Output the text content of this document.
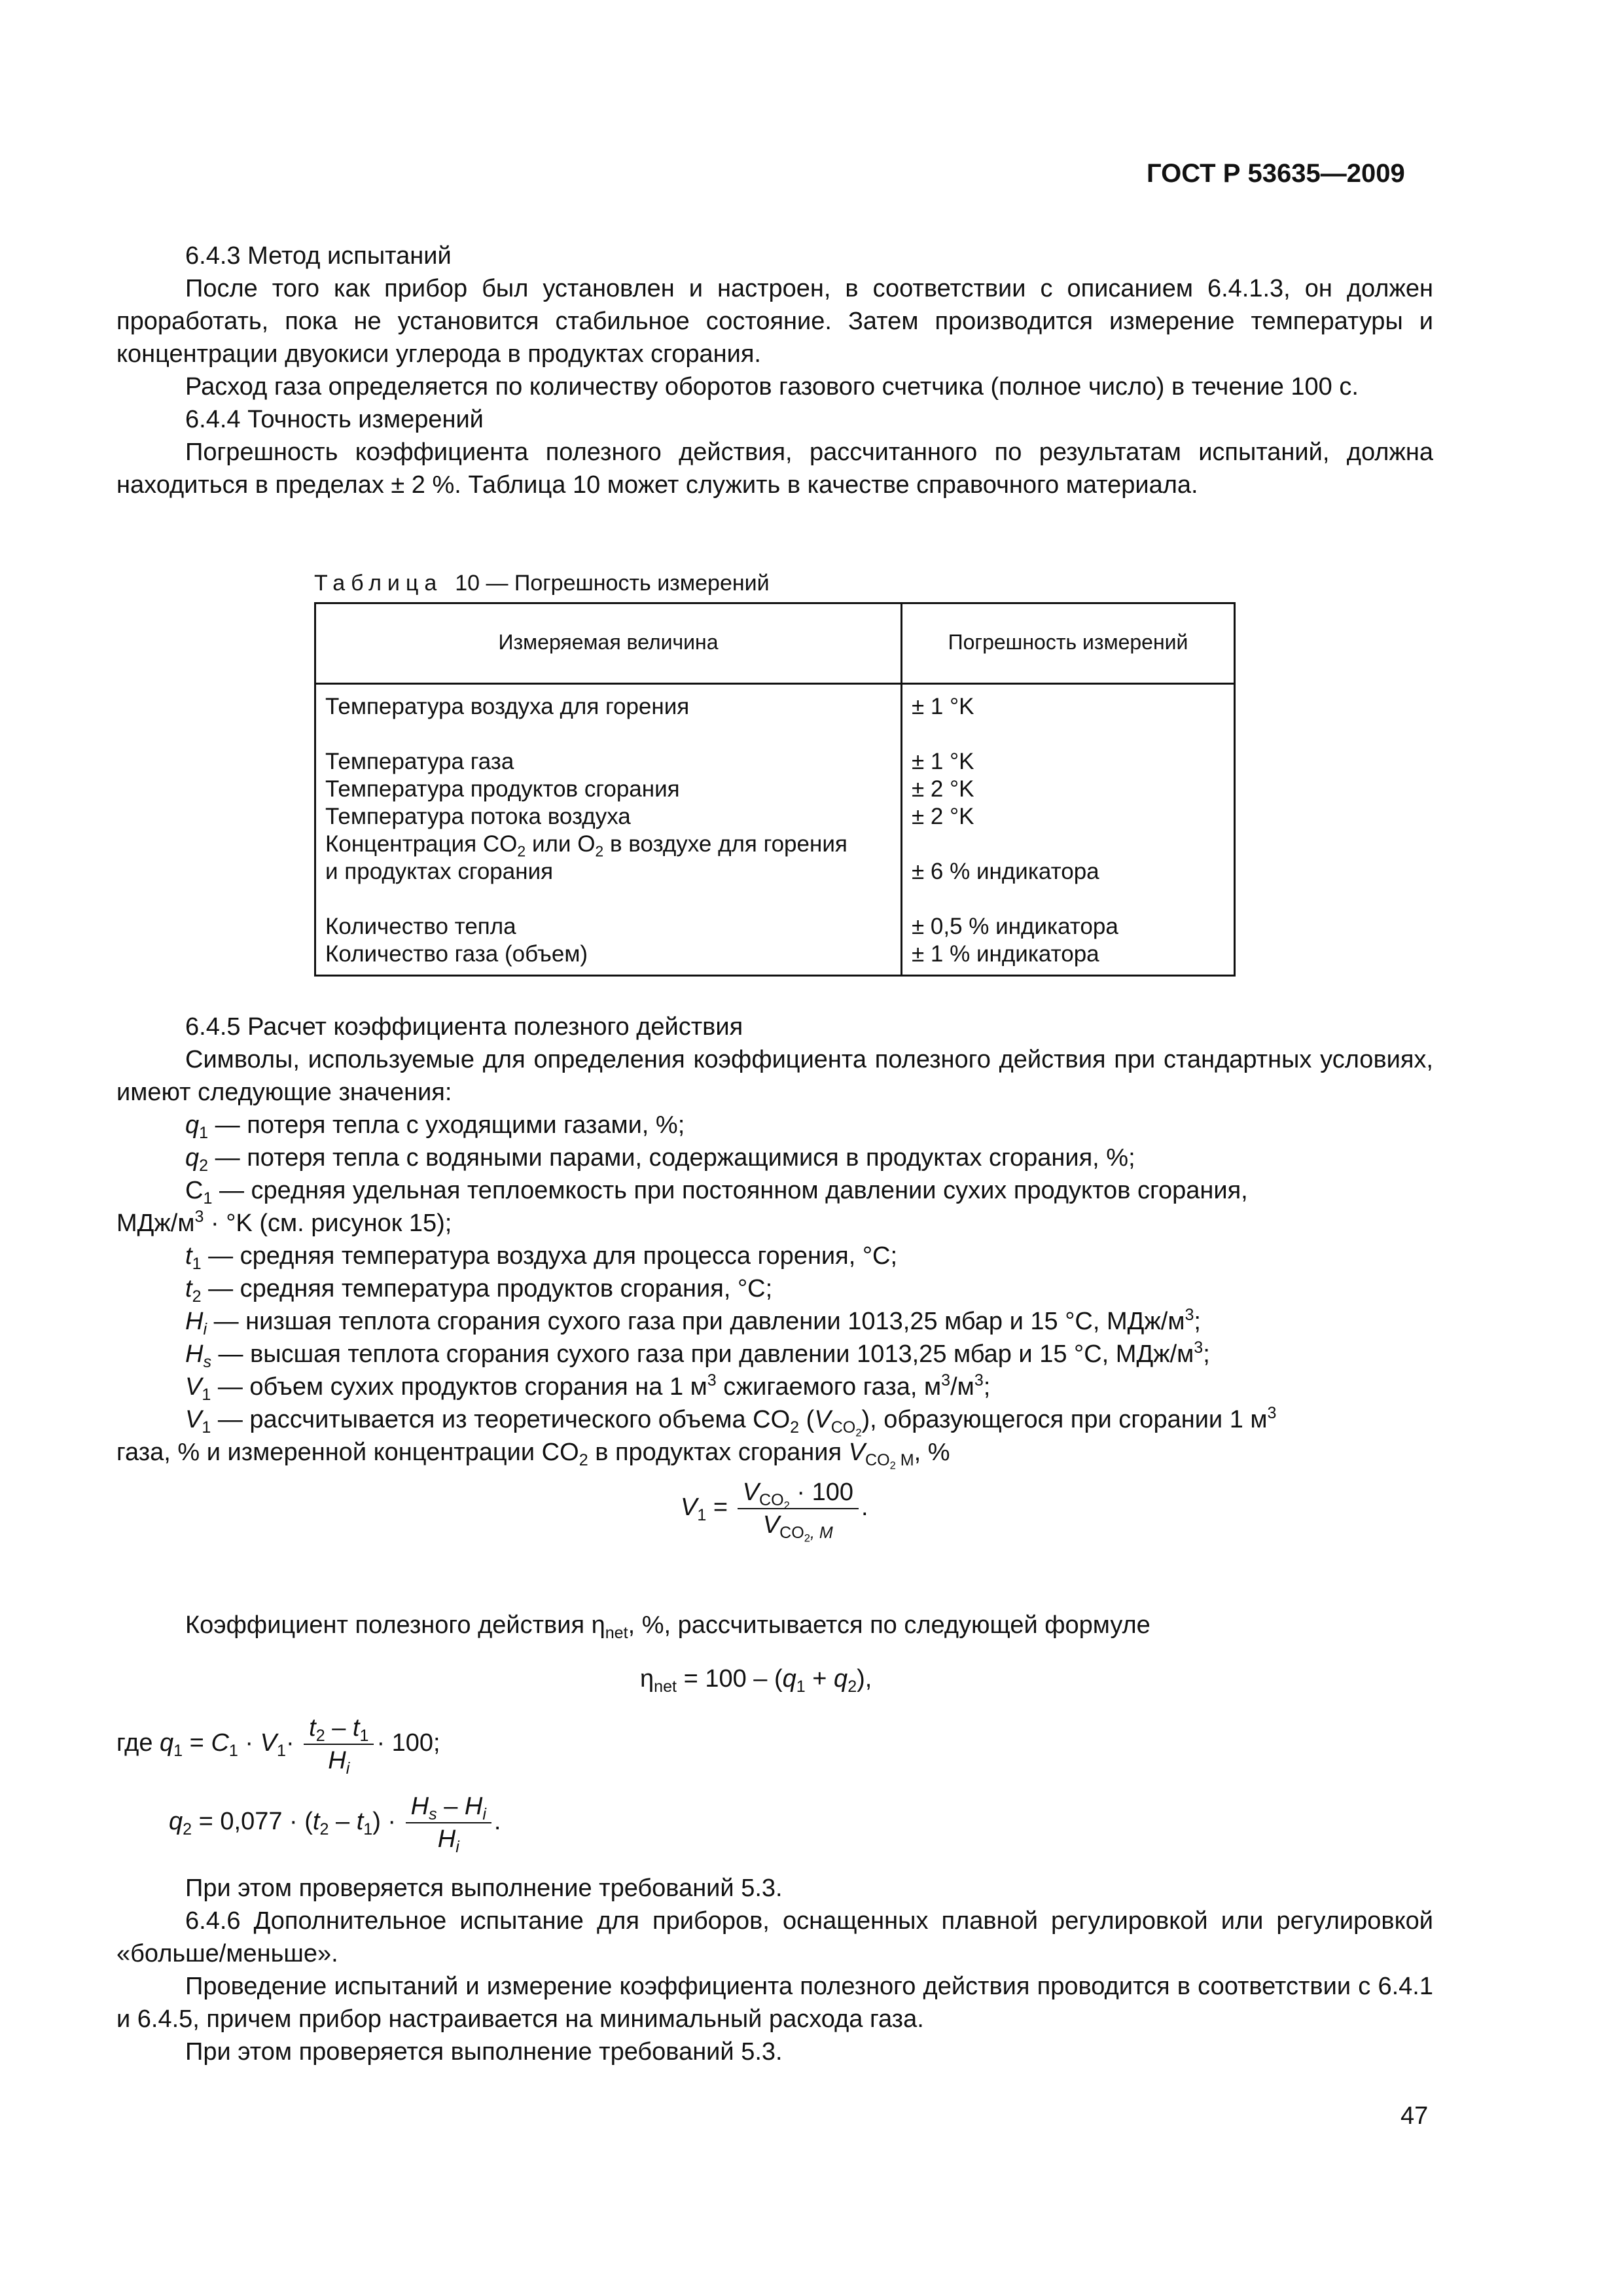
ГОСТ Р 53635—2009

6.4.3 Метод испытаний

После того как прибор был установлен и настроен, в соответствии с описанием 6.4.1.3, он должен проработать, пока не установится стабильное состояние. Затем производится измерение температуры и концентрации двуокиси углерода в продуктах сгорания.

Расход газа определяется по количеству оборотов газового счетчика (полное число) в течение 100 с.

6.4.4 Точность измерений

Погрешность коэффициента полезного действия, рассчитанного по результатам испытаний, должна находиться в пределах ± 2 %. Таблица 10 может служить в качестве справочного материала.

Таблица 10 — Погрешность измерений
Измеряемая величина	Погрешность измерений
Температура воздуха для горения
Температура газа
Температура продуктов сгорания
Температура потока воздуха
Концентрация $CO_2$ или $O_2$ в воздухе для горения
и продуктах сгорания
Количество тепла
Количество газа (объем)
± 1 °K
± 1 °K
± 2 °K
± 2 °K
± 6 % индикатора
± 0,5 % индикатора
± 1 % индикатора

6.4.5 Расчет коэффициента полезного действия

Символы, используемые для определения коэффициента полезного действия при стандартных условиях, имеют следующие значения:

$q_1$ — потеря тепла с уходящими газами, %;

$q_2$ — потеря тепла с водяными парами, содержащимися в продуктах сгорания, %;

$C_1$ — средняя удельная теплоемкость при постоянном давлении сухих продуктов сгорания,

МДж/$м^3 \cdot ^\circ K$ (см. рисунок 15);

$t_1$ — средняя температура воздуха для процесса горения, °C;

$t_2$ — средняя температура продуктов сгорания, °C;

$H_i$ — низшая теплота сгорания сухого газа при давлении 1013,25 мбар и 15 °C, МДж/$м^3$;

$H_s$ — высшая теплота сгорания сухого газа при давлении 1013,25 мбар и 15 °C, МДж/$м^3$;

$V_1$ — объем сухих продуктов сгорания на 1 $м^3$ сжигаемого газа, $м^3/м^3$;

$V_1$ — рассчитывается из теоретического объема $CO_2$ $(V_{CO_2})$, образующегося при сгорании 1 $м^3$

газа, % и измеренной концентрации $CO_2$ в продуктах сгорания $V_{CO_2 M}$, %

$V_1 = \frac{V_{CO_2} \cdot 100}{V_{CO_2, M}}$ .
Коэффициент полезного действия $\eta_{net}$, %, рассчитывается по следующей формуле
$\eta_{net} = 100 - (q_1 + q_2)$,
где $q_1 = C_1 \cdot V_1\cdot \frac{t_2 - t_1}{H_i} \cdot 100$;
$q_2 = 0,077 \cdot (t_2 - t_1) \cdot \frac{H_s - H_i}{H_i}$ .

При этом проверяется выполнение требований 5.3.

6.4.6 Дополнительное испытание для приборов, оснащенных плавной регулировкой или регулировкой «больше/меньше».

Проведение испытаний и измерение коэффициента полезного действия проводится в соответствии с 6.4.1 и 6.4.5, причем прибор настраивается на минимальный расхода газа.

При этом проверяется выполнение требований 5.3.

47
